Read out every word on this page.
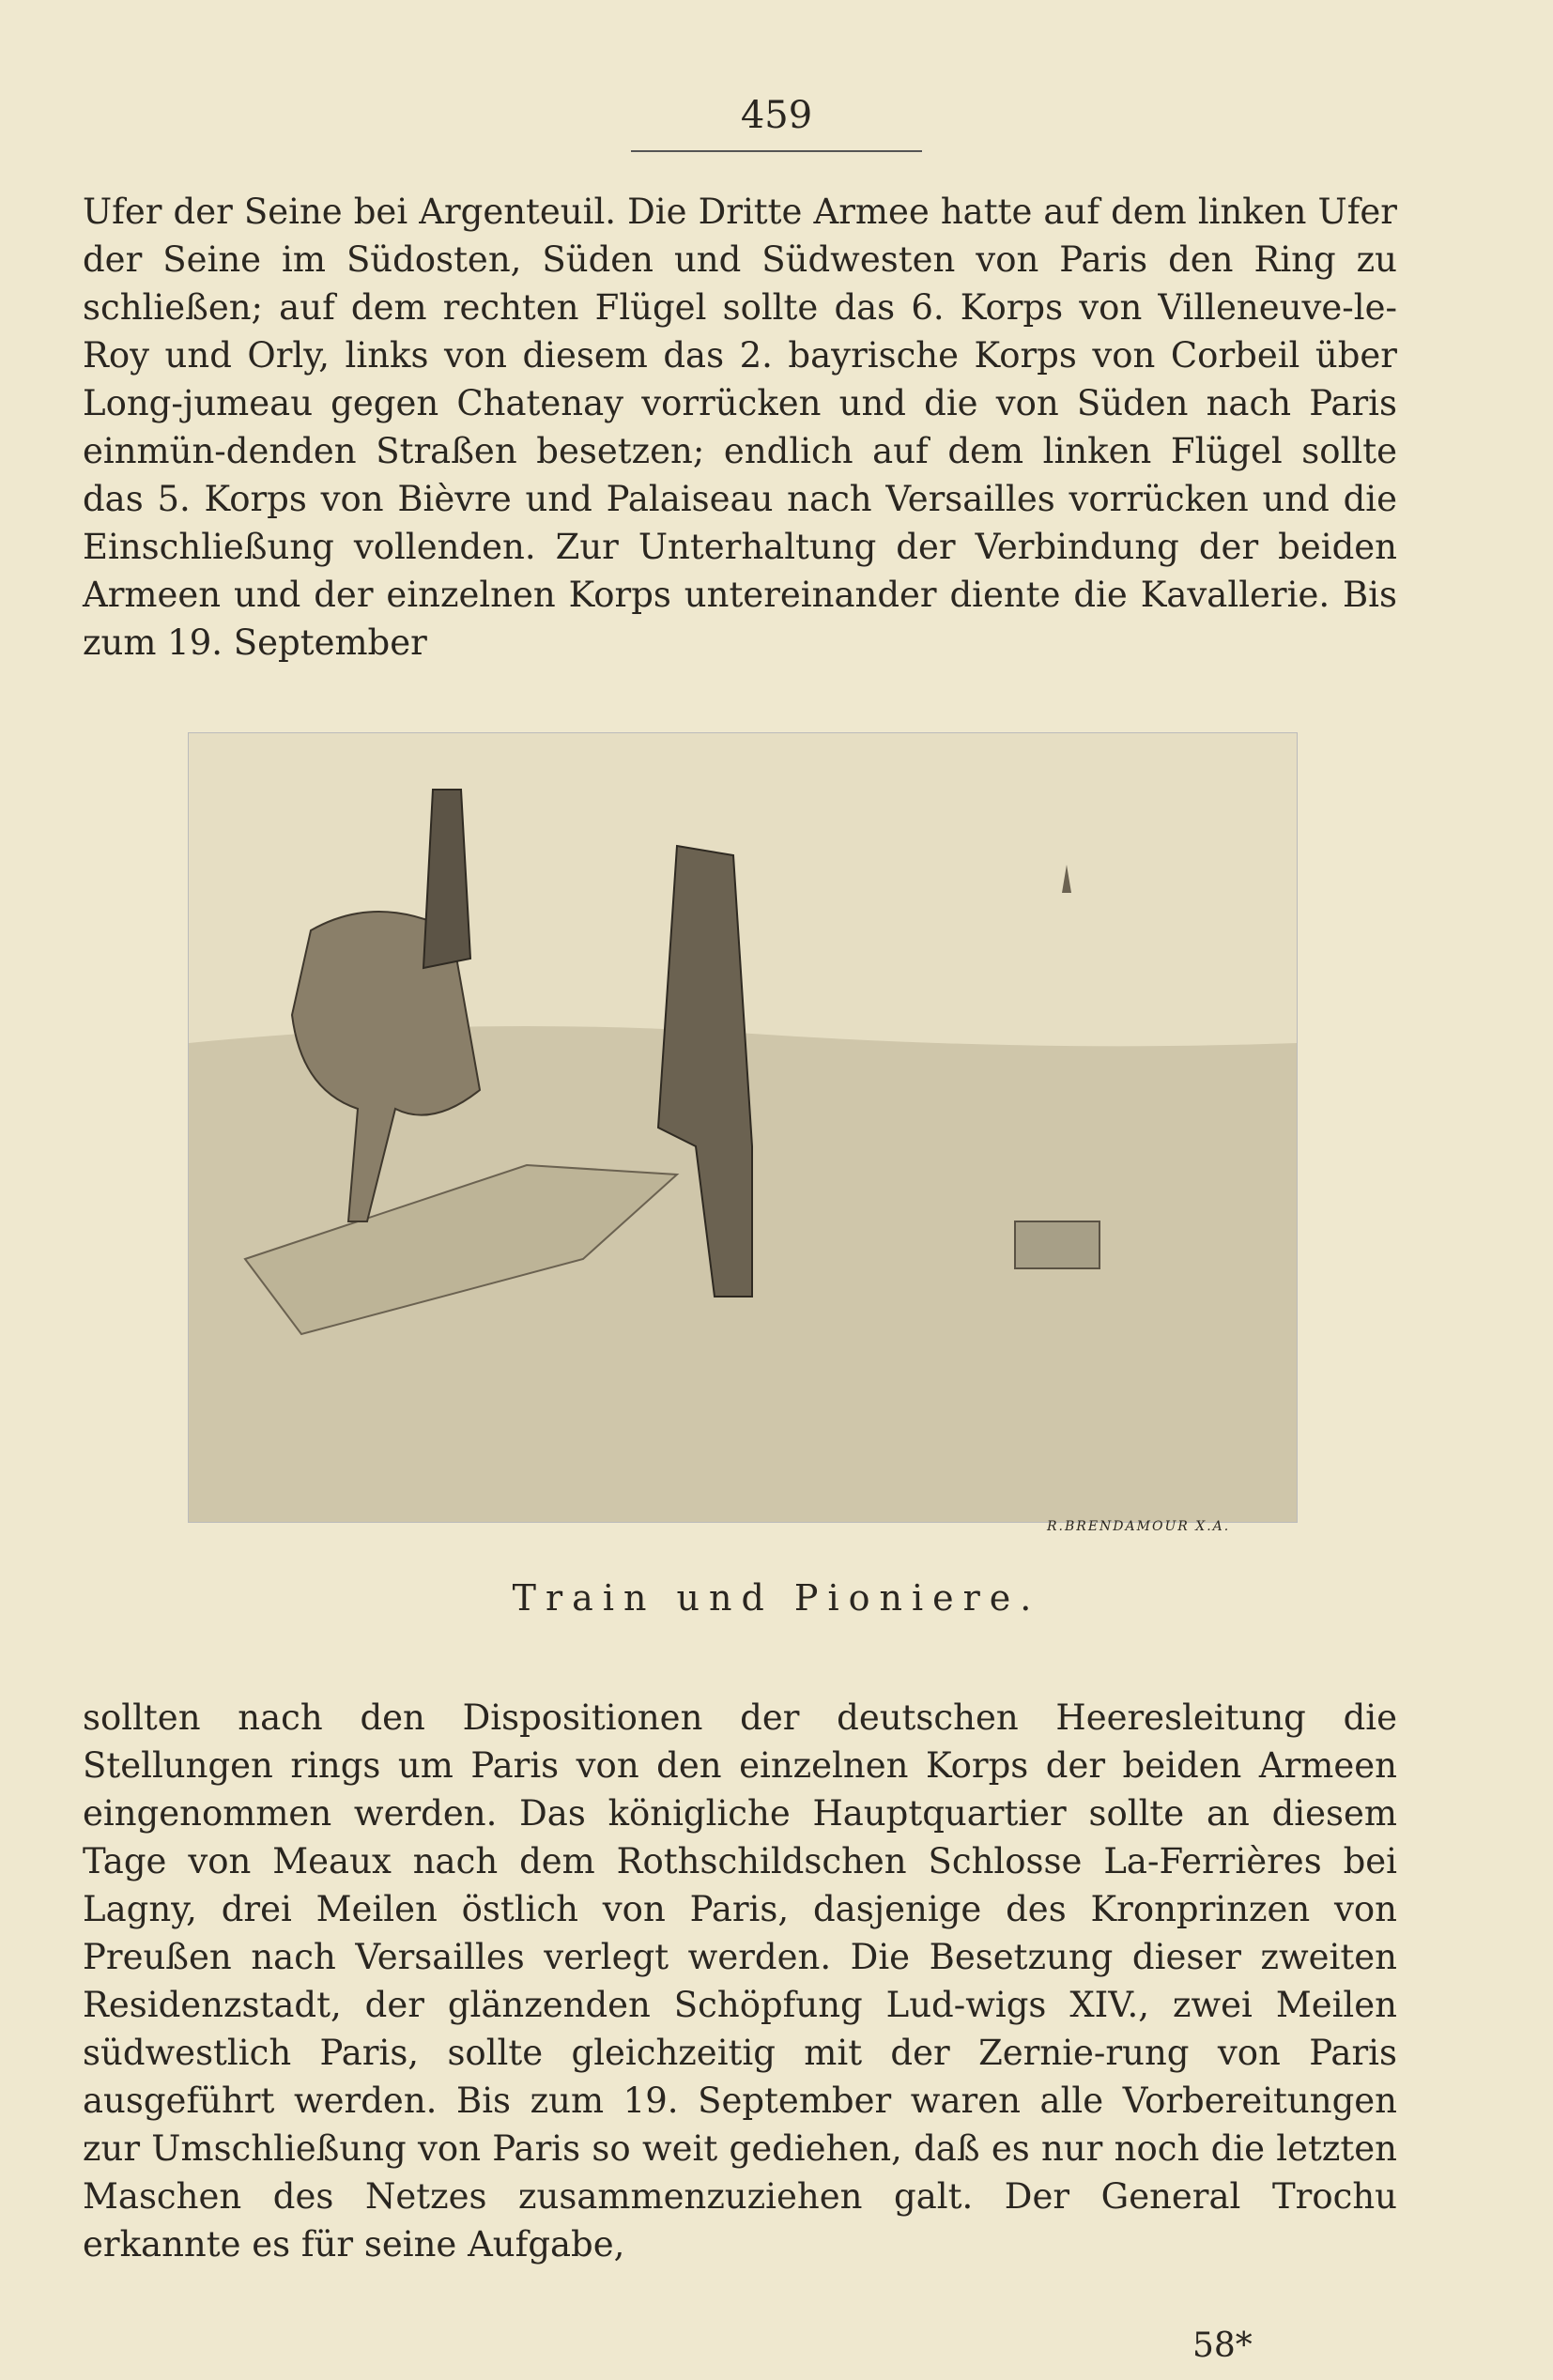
459
Ufer der Seine bei Argenteuil. Die Dritte Armee hatte auf dem linken Ufer der Seine im Südosten, Süden und Südwesten von Paris den Ring zu schließen; auf dem rechten Flügel sollte das 6. Korps von Villeneuve-le-Roy und Orly, links von diesem das 2. bayrische Korps von Corbeil über Long-jumeau gegen Chatenay vorrücken und die von Süden nach Paris einmün-denden Straßen besetzen; endlich auf dem linken Flügel sollte das 5. Korps von Bièvre und Palaiseau nach Versailles vorrücken und die Einschließung vollenden. Zur Unterhaltung der Verbindung der beiden Armeen und der einzelnen Korps untereinander diente die Kavallerie. Bis zum 19. September
R.BRENDAMOUR X.A.
Train und Pioniere.
sollten nach den Dispositionen der deutschen Heeresleitung die Stellungen rings um Paris von den einzelnen Korps der beiden Armeen eingenommen werden. Das königliche Hauptquartier sollte an diesem Tage von Meaux nach dem Rothschildschen Schlosse La-Ferrières bei Lagny, drei Meilen östlich von Paris, dasjenige des Kronprinzen von Preußen nach Versailles verlegt werden. Die Besetzung dieser zweiten Residenzstadt, der glänzenden Schöpfung Lud-wigs XIV., zwei Meilen südwestlich Paris, sollte gleichzeitig mit der Zernie-rung von Paris ausgeführt werden. Bis zum 19. September waren alle Vorbereitungen zur Umschließung von Paris so weit gediehen, daß es nur noch die letzten Maschen des Netzes zusammenzuziehen galt. Der General Trochu erkannte es für seine Aufgabe,
58*
